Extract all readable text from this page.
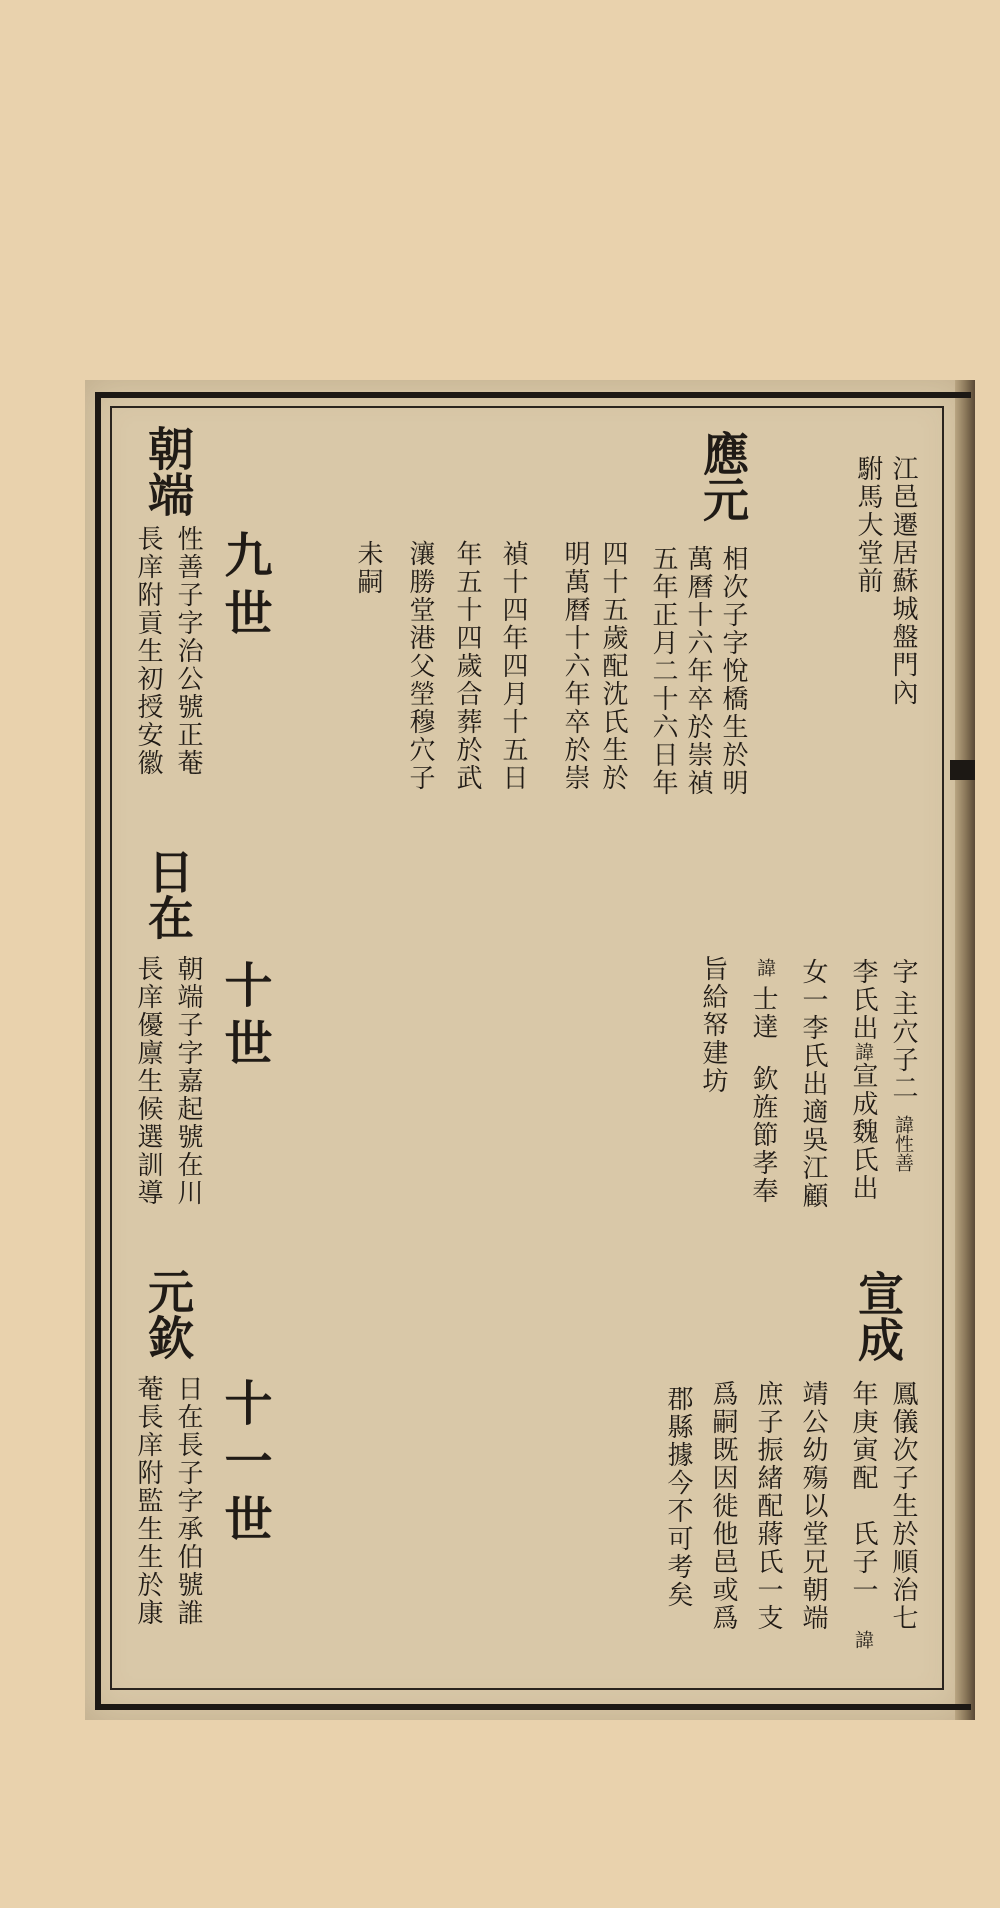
江邑遷居蘇城盤門內
駙馬大堂前
應元
相次子字悅橋生於明
萬曆十六年卒於崇禎
五年正月二十六日年
四十五歲配沈氏生於
明萬曆十六年卒於崇
禎十四年四月十五日
年五十四歲合葬於武
瀼勝堂港父塋穆穴子
未嗣
九世
朝端
性善子字治公號正菴
長庠附貢生初授安徽
字
主穴子二
諱性善
李氏出
諱
宣成魏氏出
女一李氏出適吳江顧
諱
士達
欽旌節孝奉
旨給帑建坊
宣成
鳳儀次子生於順治七
年庚寅配
氏子一
諱
靖公幼殤以堂兄朝端
庶子振緒配蔣氏一支
爲嗣既因徙他邑或爲
郡縣據今不可考矣
十世
日在
朝端子字嘉起號在川
長庠優廪生候選訓導
十一世
元欽
日在長子字承伯號誰
菴長庠附監生生於康
